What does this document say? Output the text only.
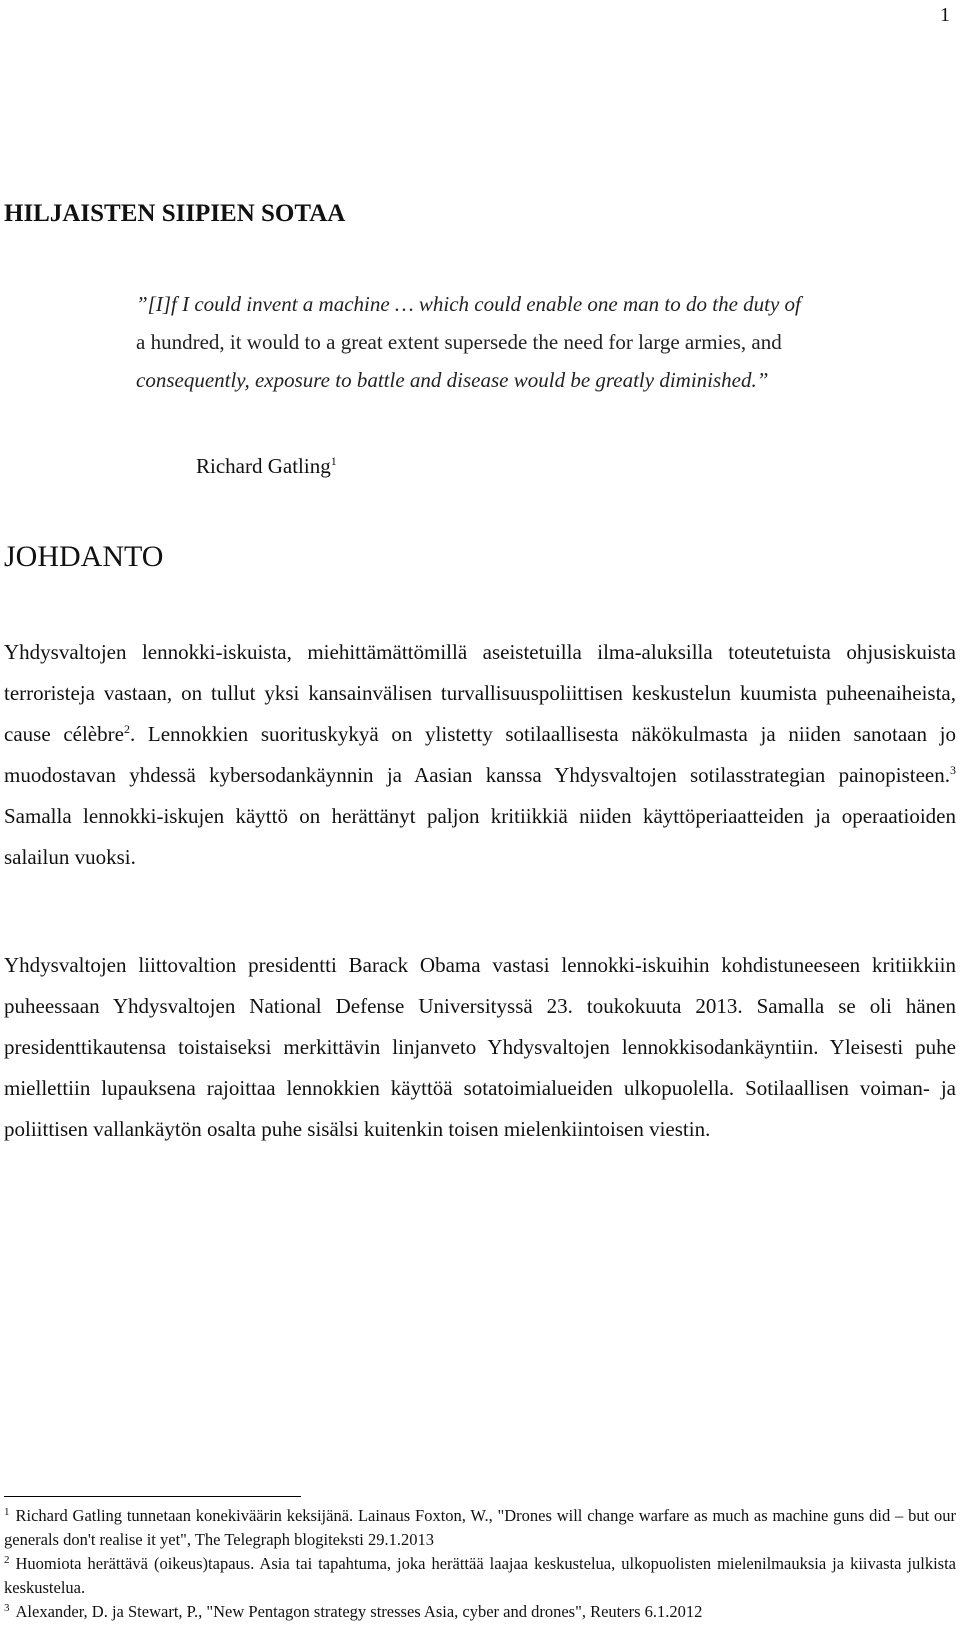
1
HILJAISTEN SIIPIEN SOTAA
”[I]f I could invent a machine … which could enable one man to do the duty of
a hundred, it would to a great extent supersede the need for large armies, and
consequently, exposure to battle and disease would be greatly diminished.”

Richard Gatling$^1$

JOHDANTO

Yhdysvaltojen lennokki-iskuista, miehittämättömillä aseistetuilla ilma-aluksilla toteutetuista ohjusiskuista terroristeja vastaan, on tullut yksi kansainvälisen turvallisuuspoliittisen keskustelun kuumista puheenaiheista, cause célèbre$^2$. Lennokkien suorituskykyä on ylistetty sotilaallisesta näkökulmasta ja niiden sanotaan jo muodostavan yhdessä kybersodankäynnin ja Aasian kanssa Yhdysvaltojen sotilasstrategian painopisteen.$^3$ Samalla lennokki-iskujen käyttö on herättänyt paljon kritiikkiä niiden käyttöperiaatteiden ja operaatioiden salailun vuoksi.

Yhdysvaltojen liittovaltion presidentti Barack Obama vastasi lennokki-iskuihin kohdistuneeseen kritiikkiin puheessaan Yhdysvaltojen National Defense Universityssä 23. toukokuuta 2013. Samalla se oli hänen presidenttikautensa toistaiseksi merkittävin linjanveto Yhdysvaltojen lennokkisodankäyntiin. Yleisesti puhe miellettiin lupauksena rajoittaa lennokkien käyttöä sotatoimialueiden ulkopuolella. Sotilaallisen voiman- ja poliittisen vallankäytön osalta puhe sisälsi kuitenkin toisen mielenkiintoisen viestin.

$^1$ Richard Gatling tunnetaan konekiväärin keksijänä. Lainaus Foxton, W., "Drones will change warfare as much as machine guns did – but our generals don't realise it yet", The Telegraph blogiteksti 29.1.2013

$^2$ Huomiota herättävä (oikeus)tapaus. Asia tai tapahtuma, joka herättää laajaa keskustelua, ulkopuolisten mielenilmauksia ja kiivasta julkista keskustelua.

$^3$ Alexander, D. ja Stewart, P., "New Pentagon strategy stresses Asia, cyber and drones", Reuters 6.1.2012
